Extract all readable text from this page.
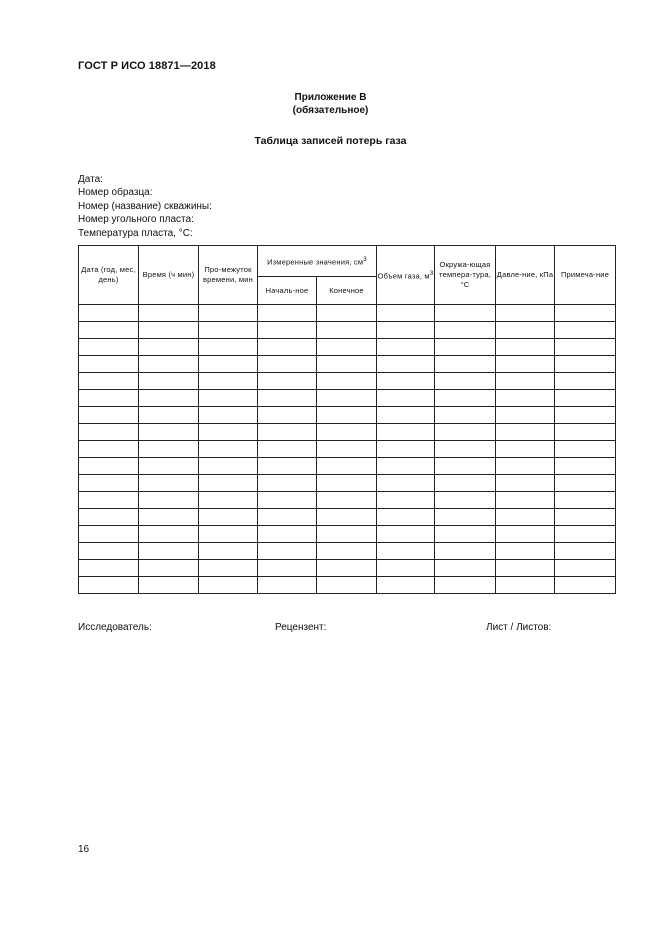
ГОСТ Р ИСО 18871—2018
Приложение В
(обязательное)
Таблица записей потерь газа
Дата:
Номер образца:
Номер (название) скважины:
Номер угольного пласта:
Температура пласта, °С:
Дата (год, мес, день)	Время (ч мин)	Про-межуток времени, мин	Измеренные значения, $см^3$		Объем газа, $м^3$	Окружа-ющая темпера-тура, °С	Давле-ние, кПа	Примеча-ние
			Началь-ное	Конечное				

Исследователь:	Рецензент:	Лист / Листов:
16
